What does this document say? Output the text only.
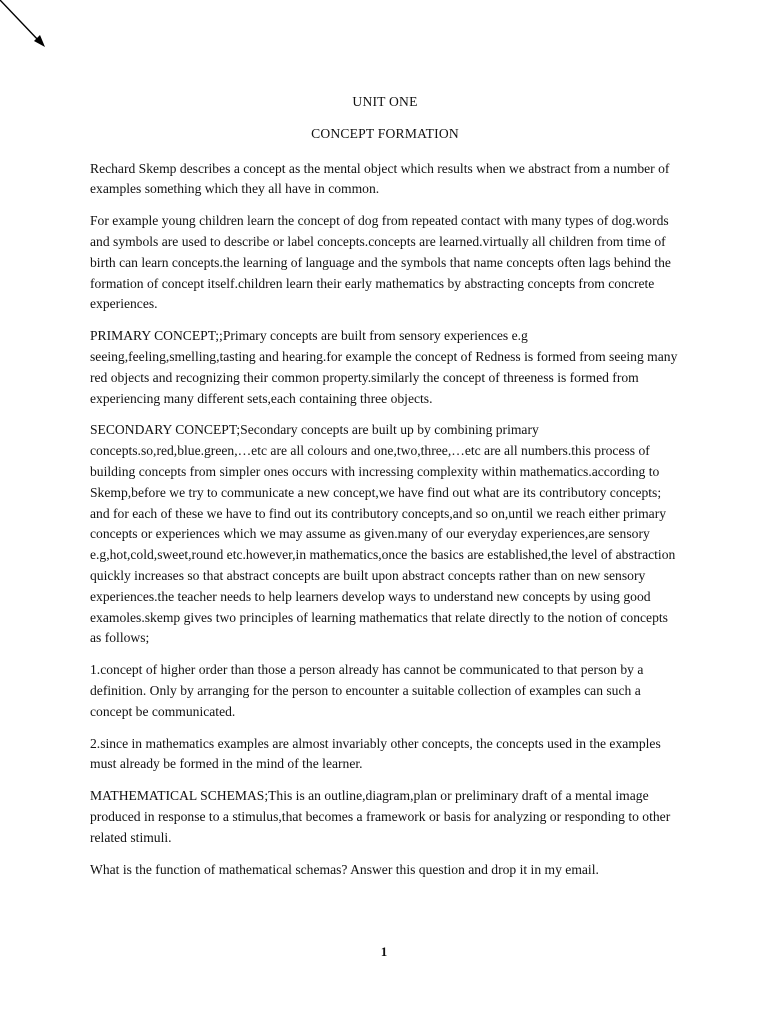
UNIT ONE
CONCEPT FORMATION

Rechard Skemp describes a concept as the mental object which results when we abstract from a number of examples something which they all have in common.

For example young children learn the concept of dog from repeated contact with many types of dog.words and symbols are used to describe or label concepts.concepts are learned.virtually all children from time of birth can learn concepts.the learning of language and the symbols that name concepts often lags behind the formation of concept itself.children learn their early mathematics by abstracting concepts from concrete experiences.

PRIMARY CONCEPT;;Primary concepts are built from sensory experiences e.g seeing,feeling,smelling,tasting and hearing.for example the concept of Redness is formed from seeing many red objects and recognizing their common property.similarly the concept of threeness is formed from experiencing many different sets,each containing three objects.

SECONDARY CONCEPT;Secondary concepts are built up by combining primary concepts.so,red,blue.green,…etc are all colours and one,two,three,…etc are all numbers.this process of building concepts from simpler ones occurs with incressing complexity within mathematics.according to Skemp,before we try to communicate a new concept,we have find out what are its contributory concepts; and for each of these we have to find out its contributory concepts,and so on,until we reach either primary concepts or experiences which we may assume as given.many of our everyday experiences,are sensory e.g,hot,cold,sweet,round etc.however,in mathematics,once the basics are established,the level of abstraction quickly increases so that abstract concepts are built upon abstract concepts rather than on new sensory experiences.the teacher needs to help learners develop ways to understand new concepts by using good examoles.skemp gives two principles of learning mathematics that relate directly to the notion of concepts as follows;

1.concept of higher order than those a person already has cannot be communicated to that person by a definition. Only by arranging for the person to encounter a suitable collection of examples can such a concept be communicated.

2.since in mathematics examples are almost invariably other concepts, the concepts used in the examples must already be formed in the mind of the learner.

MATHEMATICAL SCHEMAS;This is an outline,diagram,plan or preliminary draft of a mental image produced in response to a stimulus,that becomes a framework or basis for analyzing or responding to other related stimuli.

What is the function of mathematical schemas? Answer this question and drop it in my email.

1
